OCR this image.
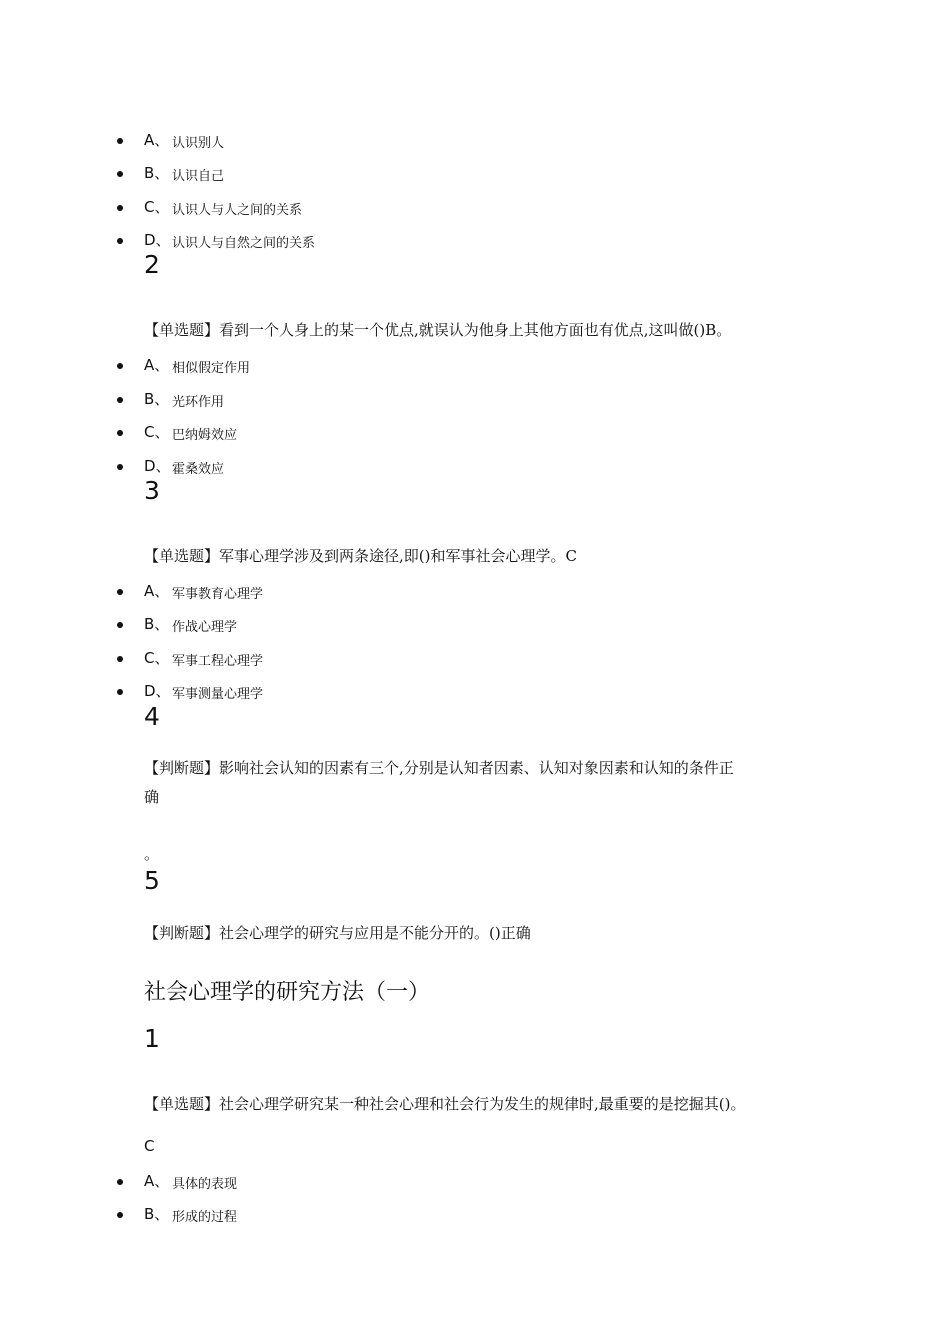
A、 认识别人
B、 认识自己
C、 认识人与人之间的关系
D、 认识人与自然之间的关系
2
【单选题】看到一个人身上的某一个优点,就误认为他身上其他方面也有优点,这叫做()B。
A、 相似假定作用
B、 光环作用
C、 巴纳姆效应
D、 霍桑效应
3
【单选题】军事心理学涉及到两条途径,即()和军事社会心理学。C
A、 军事教育心理学
B、 作战心理学
C、 军事工程心理学
D、 军事测量心理学
4
【判断题】影响社会认知的因素有三个,分别是认知者因素、认知对象因素和认知的条件正
确
。
5
【判断题】社会心理学的研究与应用是不能分开的。()正确
社会心理学的研究方法（一）
1
【单选题】社会心理学研究某一种社会心理和社会行为发生的规律时,最重要的是挖掘其()。
C
A、 具体的表现
B、 形成的过程
